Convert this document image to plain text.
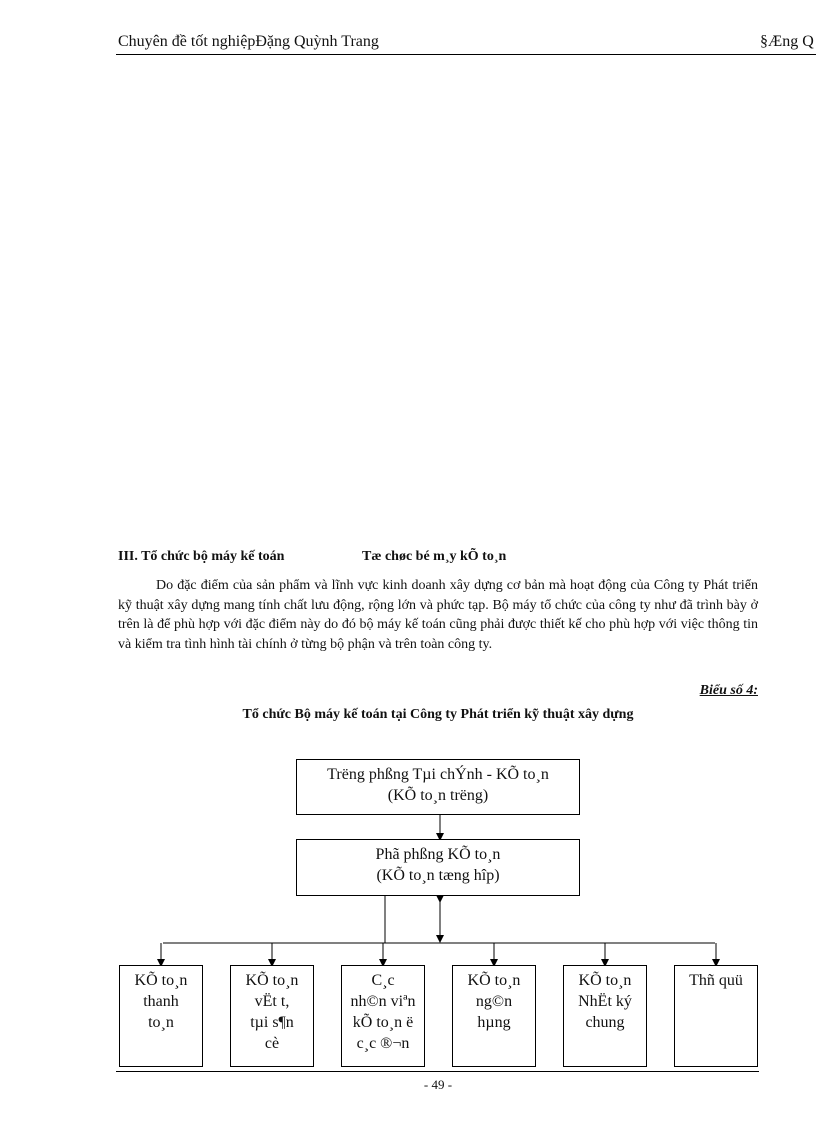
Chuyên đề tốt nghiệpĐặng Quỳnh Trang	§Æng Q
III. Tổ chức bộ máy kế toán	Tæ chøc bé m¸y kÕ to¸n

Do đặc điểm của sản phẩm và lĩnh vực kinh doanh xây dựng cơ bản mà hoạt động của Công ty Phát triển kỹ thuật xây dựng mang tính chất lưu động, rộng lớn và phức tạp. Bộ máy tổ chức của công ty như đã trình bày ở trên là để phù hợp với đặc điểm này do đó bộ máy kế toán cũng phải được thiết kế cho phù hợp với việc thông tin và kiểm tra tình hình tài chính ở từng bộ phận và trên toàn công ty.

Biểu số 4:
Tổ chức Bộ máy kế toán tại Công ty Phát triển kỹ thuật xây dựng
Trëng phßng Tµi chÝnh - KÕ to¸n
(KÕ to¸n trëng)
Phã phßng KÕ to¸n
(KÕ to¸n tæng hîp)
KÕ to¸n
thanh
to¸n
KÕ to¸n
vËt t,
tµi s¶n
cè
C¸c
nh©n viªn
kÕ to¸n ë
c¸c ®¬n
KÕ to¸n
ng©n
hµng
KÕ to¸n
NhËt ký
chung
Thñ quü
- 49 -
